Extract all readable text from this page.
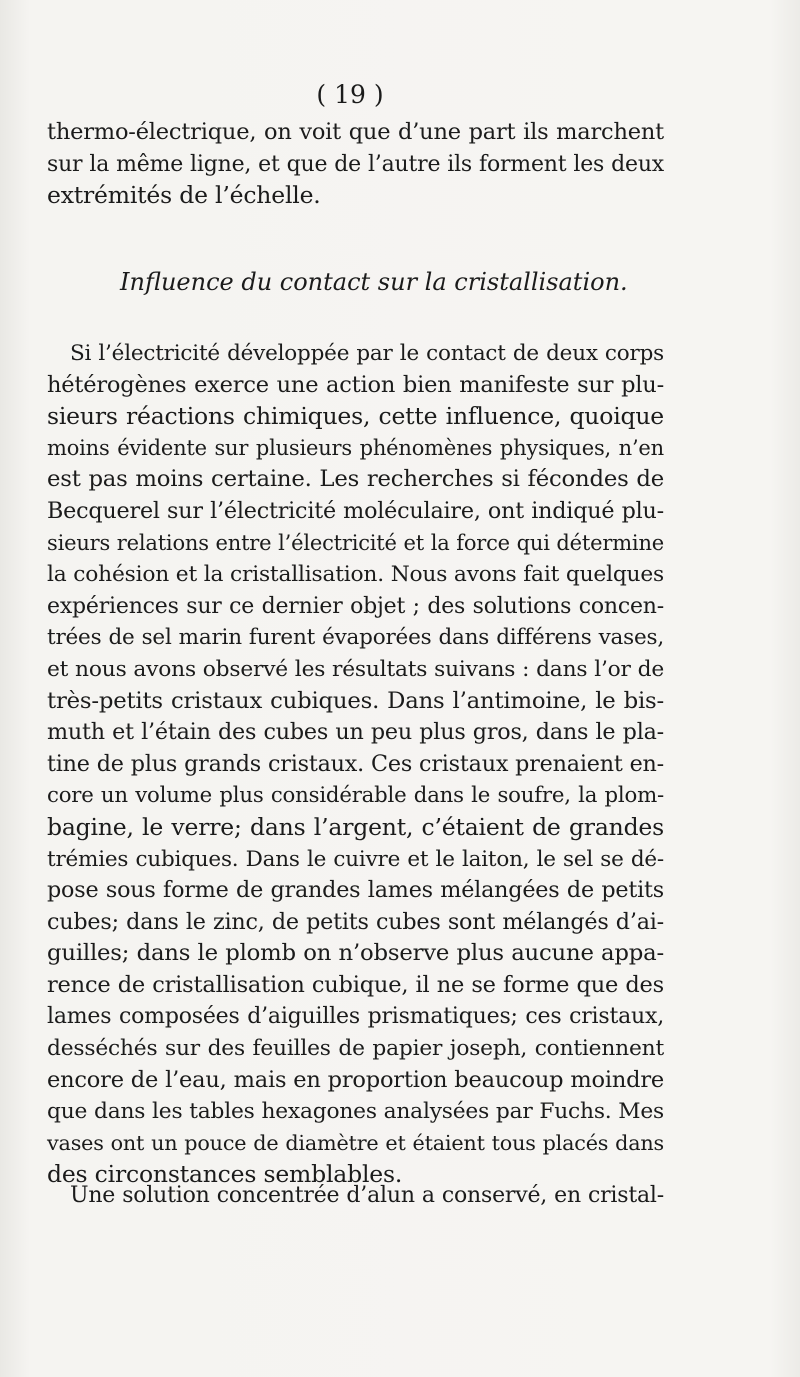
( 19 )
thermo-électrique, on voit que d’une part ils marchent
sur la même ligne, et que de l’autre ils forment les deux
extrémités de l’échelle.
Influence du contact sur la cristallisation.
Si l’électricité développée par le contact de deux corps
hétérogènes exerce une action bien manifeste sur plu-
sieurs réactions chimiques, cette influence, quoique
moins évidente sur plusieurs phénomènes physiques, n’en
est pas moins certaine. Les recherches si fécondes de
Becquerel sur l’électricité moléculaire, ont indiqué plu-
sieurs relations entre l’électricité et la force qui détermine
la cohésion et la cristallisation. Nous avons fait quelques
expériences sur ce dernier objet ; des solutions concen-
trées de sel marin furent évaporées dans différens vases,
et nous avons observé les résultats suivans : dans l’or de
très-petits cristaux cubiques. Dans l’antimoine, le bis-
muth et l’étain des cubes un peu plus gros, dans le pla-
tine de plus grands cristaux. Ces cristaux prenaient en-
core un volume plus considérable dans le soufre, la plom-
bagine, le verre; dans l’argent, c’étaient de grandes
trémies cubiques. Dans le cuivre et le laiton, le sel se dé-
pose sous forme de grandes lames mélangées de petits
cubes; dans le zinc, de petits cubes sont mélangés d’ai-
guilles; dans le plomb on n’observe plus aucune appa-
rence de cristallisation cubique, il ne se forme que des
lames composées d’aiguilles prismatiques; ces cristaux,
desséchés sur des feuilles de papier joseph, contiennent
encore de l’eau, mais en proportion beaucoup moindre
que dans les tables hexagones analysées par Fuchs. Mes
vases ont un pouce de diamètre et étaient tous placés dans
des circonstances semblables.
Une solution concentrée d’alun a conservé, en cristal-
